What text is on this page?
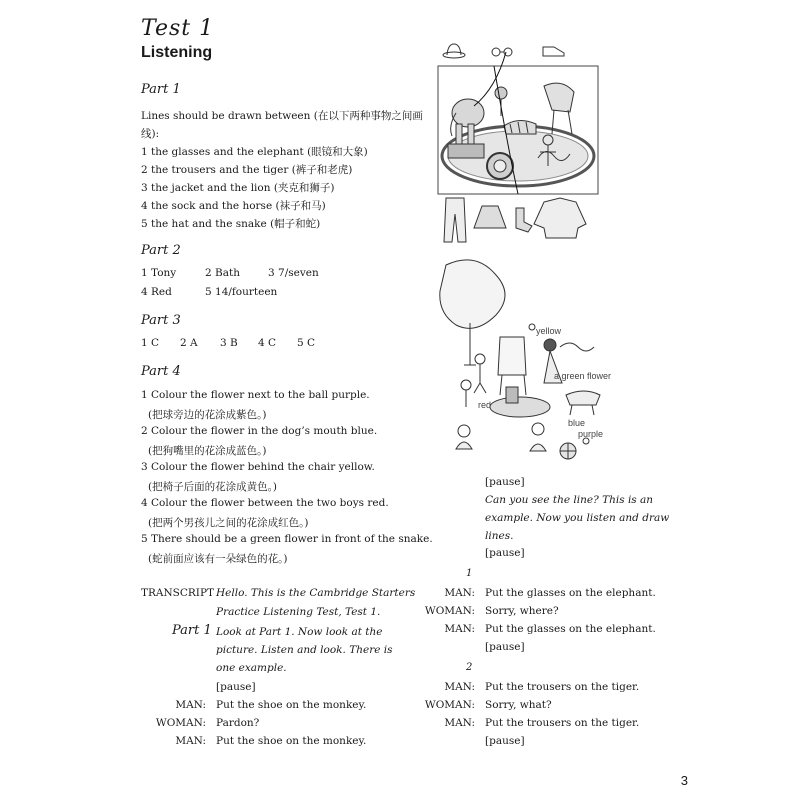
Test 1
Listening
Part 1
Lines should be drawn between (在以下两种事物之间画
线):
1 the glasses and the elephant (眼镜和大象)
2 the trousers and the tiger (裤子和老虎)
3 the jacket and the lion (夹克和狮子)
4 the sock and the horse (袜子和马)
5 the hat and the snake (帽子和蛇)
Part 2
1 Tony	2 Bath	3 7/seven
4 Red	5 14/fourteen
Part 3
1 C 2 A 3 B 4 C 5 C
Part 4
1 Colour the flower next to the ball purple.
(把球旁边的花涂成紫色。)
2 Colour the flower in the dog’s mouth blue.
(把狗嘴里的花涂成蓝色。)
3 Colour the flower behind the chair yellow.
(把椅子后面的花涂成黄色。)
4 Colour the flower between the two boys red.
(把两个男孩儿之间的花涂成红色。)
5 There should be a green flower in front of the snake.
(蛇前面应该有一朵绿色的花。)
TRANSCRIPT Hello. This is the Cambridge Starters
Practice Listening Test, Test 1.
Part 1 Look at Part 1. Now look at the
picture. Listen and look. There is
one example.
[pause]
MAN: Put the shoe on the monkey.
WOMAN: Pardon?
MAN: Put the shoe on the monkey.
[pause]
Can you see the line? This is an
example. Now you listen and draw
lines.
[pause]
1
MAN: Put the glasses on the elephant.
WOMAN: Sorry, where?
MAN: Put the glasses on the elephant.
[pause]
2
MAN: Put the trousers on the tiger.
WOMAN: Sorry, what?
MAN: Put the trousers on the tiger.
[pause]
yellow
a green flower
red
blue
purple
3
